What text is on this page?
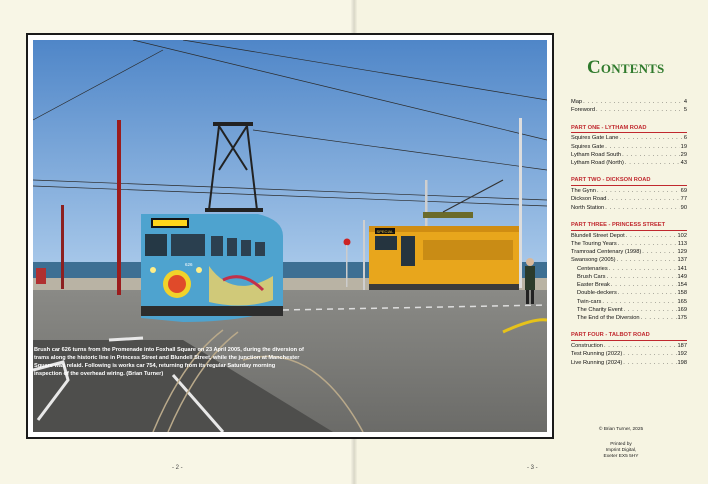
SPECIAL
626
Brush car 626 turns from the Promenade into Foxhall Square on 23 April 2005, during the diversion of trams along the historic line in Princess Street and Blundell Street, while the junction at Manchester Square was relaid. Following is works car 754, returning from its regular Saturday morning inspection of the overhead wiring. (Brian Turner)
- 2 -	- 3 -
Contents
Map . . .	4
Foreword . . .	5
PART ONE - LYTHAM ROAD
Squires Gate Lane . . .	6
Squires Gate . . .	19
Lytham Road South . . .	29
Lytham Road (North) . . .	43
PART TWO - DICKSON ROAD
The Gynn . . .	69
Dickson Road . . .	77
North Station . . .	90
PART THREE - PRINCESS STREET
Blundell Street Depot . . .	102
The Touring Years . . .	113
Tramroad Centenary (1998) . . .	129
Swansong (2005) . . .	137
Centenaries . . .	141
Brush Cars . . .	149
Easter Break . . .	154
Double-deckers . . .	158
Twin-cars . . .	165
The Charity Event . . .	169
The End of the Diversion . . .	175
PART FOUR - TALBOT ROAD
Construction . . .	187
Test Running (2022) . . .	192
Live Running (2024) . . .	198
© Brian Turner, 2025
Printed by
Imprint Digital,
Exeter EX5 5HY
